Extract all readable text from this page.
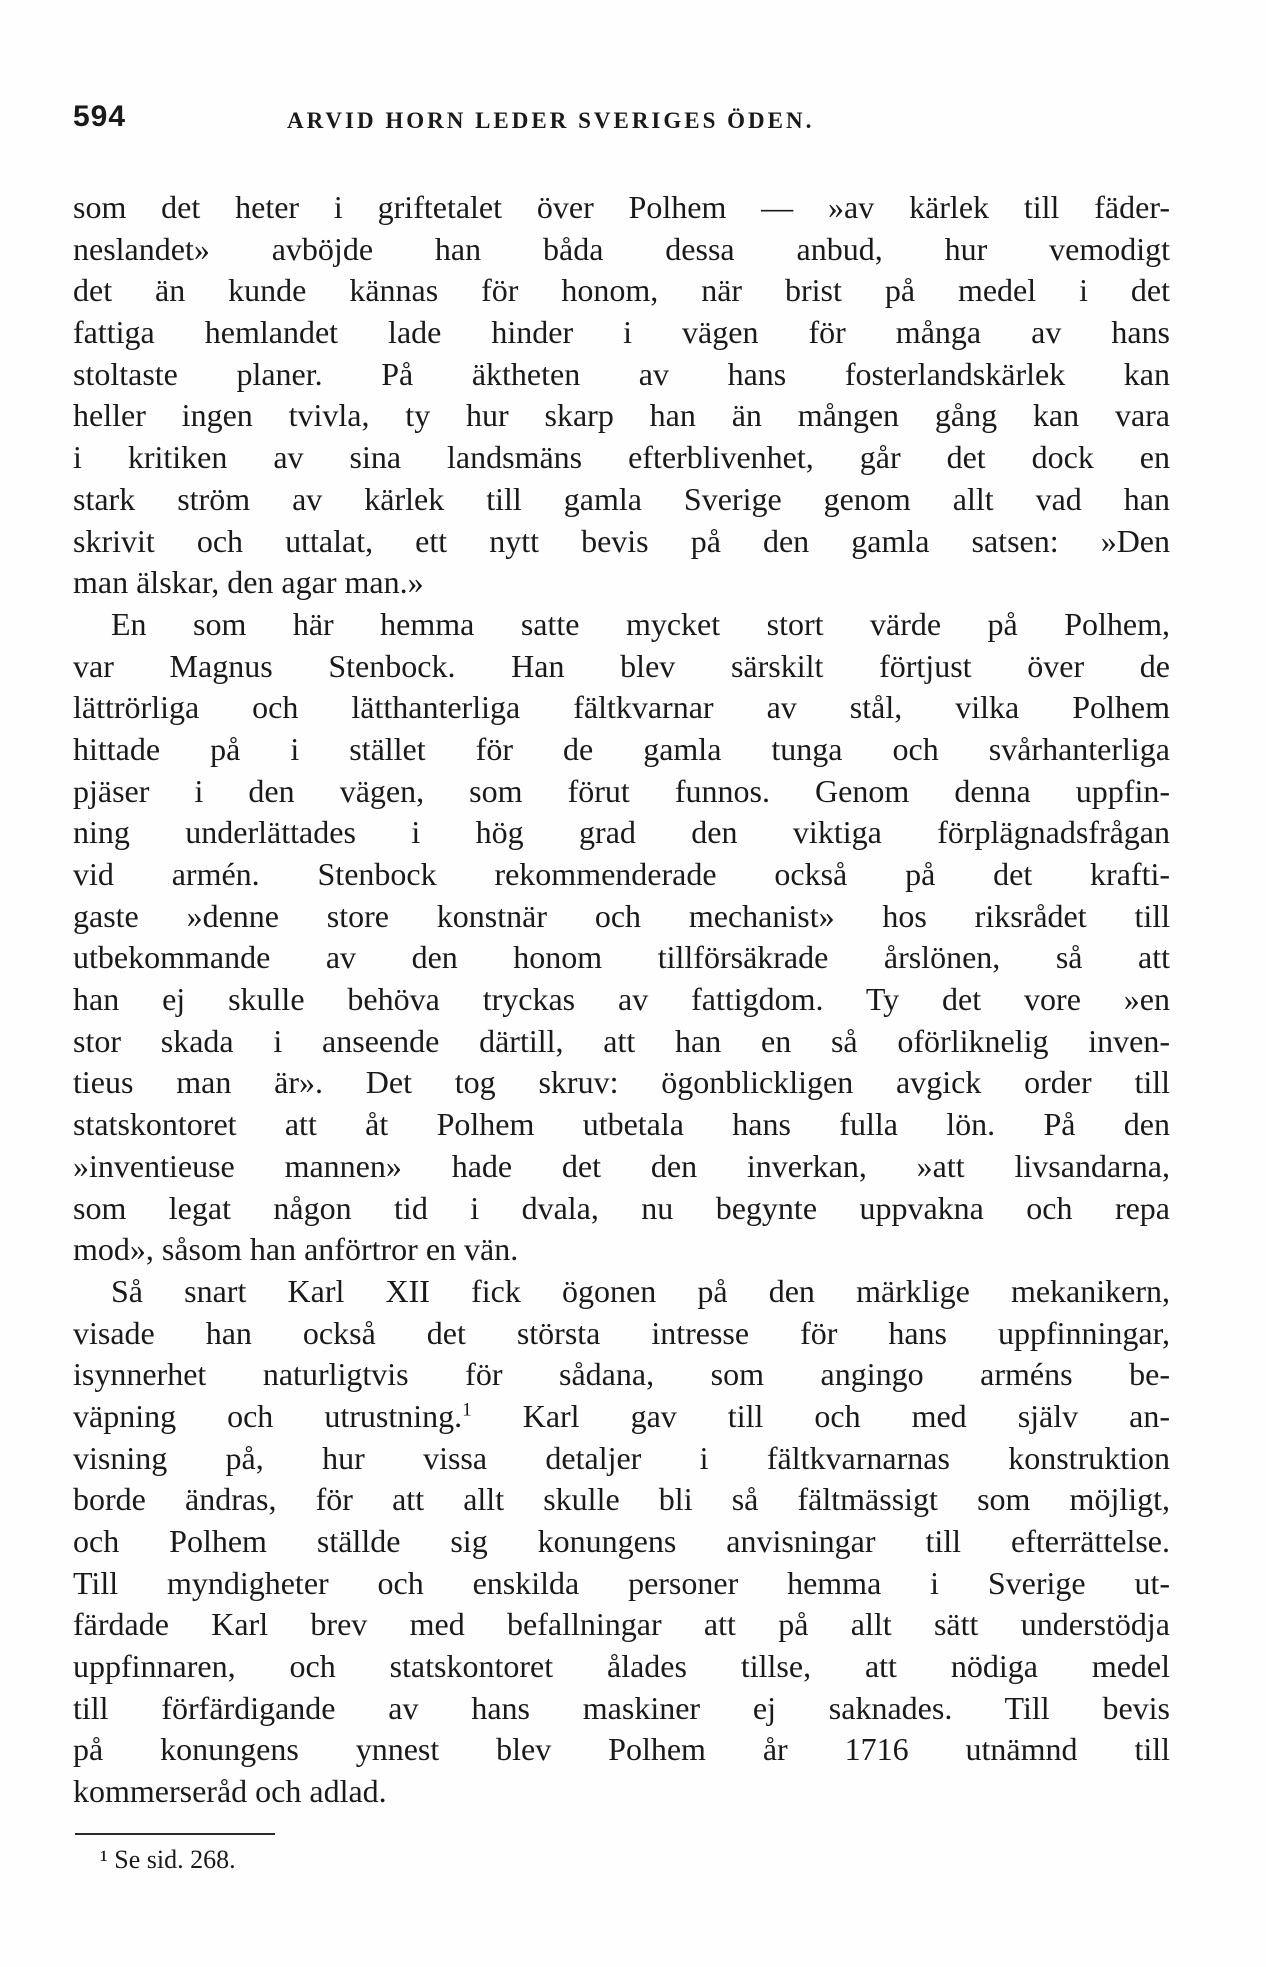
594	ARVID HORN LEDER SVERIGES ÖDEN.
som det heter i griftetalet över Polhem — »av kärlek till fäder-
neslandet» avböjde han båda dessa anbud, hur vemodigt
det än kunde kännas för honom, när brist på medel i det
fattiga hemlandet lade hinder i vägen för många av hans
stoltaste planer. På äktheten av hans fosterlandskärlek kan
heller ingen tvivla, ty hur skarp han än mången gång kan vara
i kritiken av sina landsmäns efterblivenhet, går det dock en
stark ström av kärlek till gamla Sverige genom allt vad han
skrivit och uttalat, ett nytt bevis på den gamla satsen: »Den
man älskar, den agar man.»
En som här hemma satte mycket stort värde på Polhem,
var Magnus Stenbock. Han blev särskilt förtjust över de
lättrörliga och lätthanterliga fältkvarnar av stål, vilka Polhem
hittade på i stället för de gamla tunga och svårhanterliga
pjäser i den vägen, som förut funnos. Genom denna uppfin-
ning underlättades i hög grad den viktiga förplägnadsfrågan
vid armén. Stenbock rekommenderade också på det krafti-
gaste »denne store konstnär och mechanist» hos riksrådet till
utbekommande av den honom tillförsäkrade årslönen, så att
han ej skulle behöva tryckas av fattigdom. Ty det vore »en
stor skada i anseende därtill, att han en så oförliknelig inven-
tieus man är». Det tog skruv: ögonblickligen avgick order till
statskontoret att åt Polhem utbetala hans fulla lön. På den
»inventieuse mannen» hade det den inverkan, »att livsandarna,
som legat någon tid i dvala, nu begynte uppvakna och repa
mod», såsom han anförtror en vän.
Så snart Karl XII fick ögonen på den märklige mekanikern,
visade han också det största intresse för hans uppfinningar,
isynnerhet naturligtvis för sådana, som angingo arméns be-
väpning och utrustning.$^1$ Karl gav till och med själv an-
visning på, hur vissa detaljer i fältkvarnarnas konstruktion
borde ändras, för att allt skulle bli så fältmässigt som möjligt,
och Polhem ställde sig konungens anvisningar till efterrättelse.
Till myndigheter och enskilda personer hemma i Sverige ut-
färdade Karl brev med befallningar att på allt sätt understödja
uppfinnaren, och statskontoret ålades tillse, att nödiga medel
till förfärdigande av hans maskiner ej saknades. Till bevis
på konungens ynnest blev Polhem år 1716 utnämnd till
kommerseråd och adlad.
¹ Se sid. 268.
